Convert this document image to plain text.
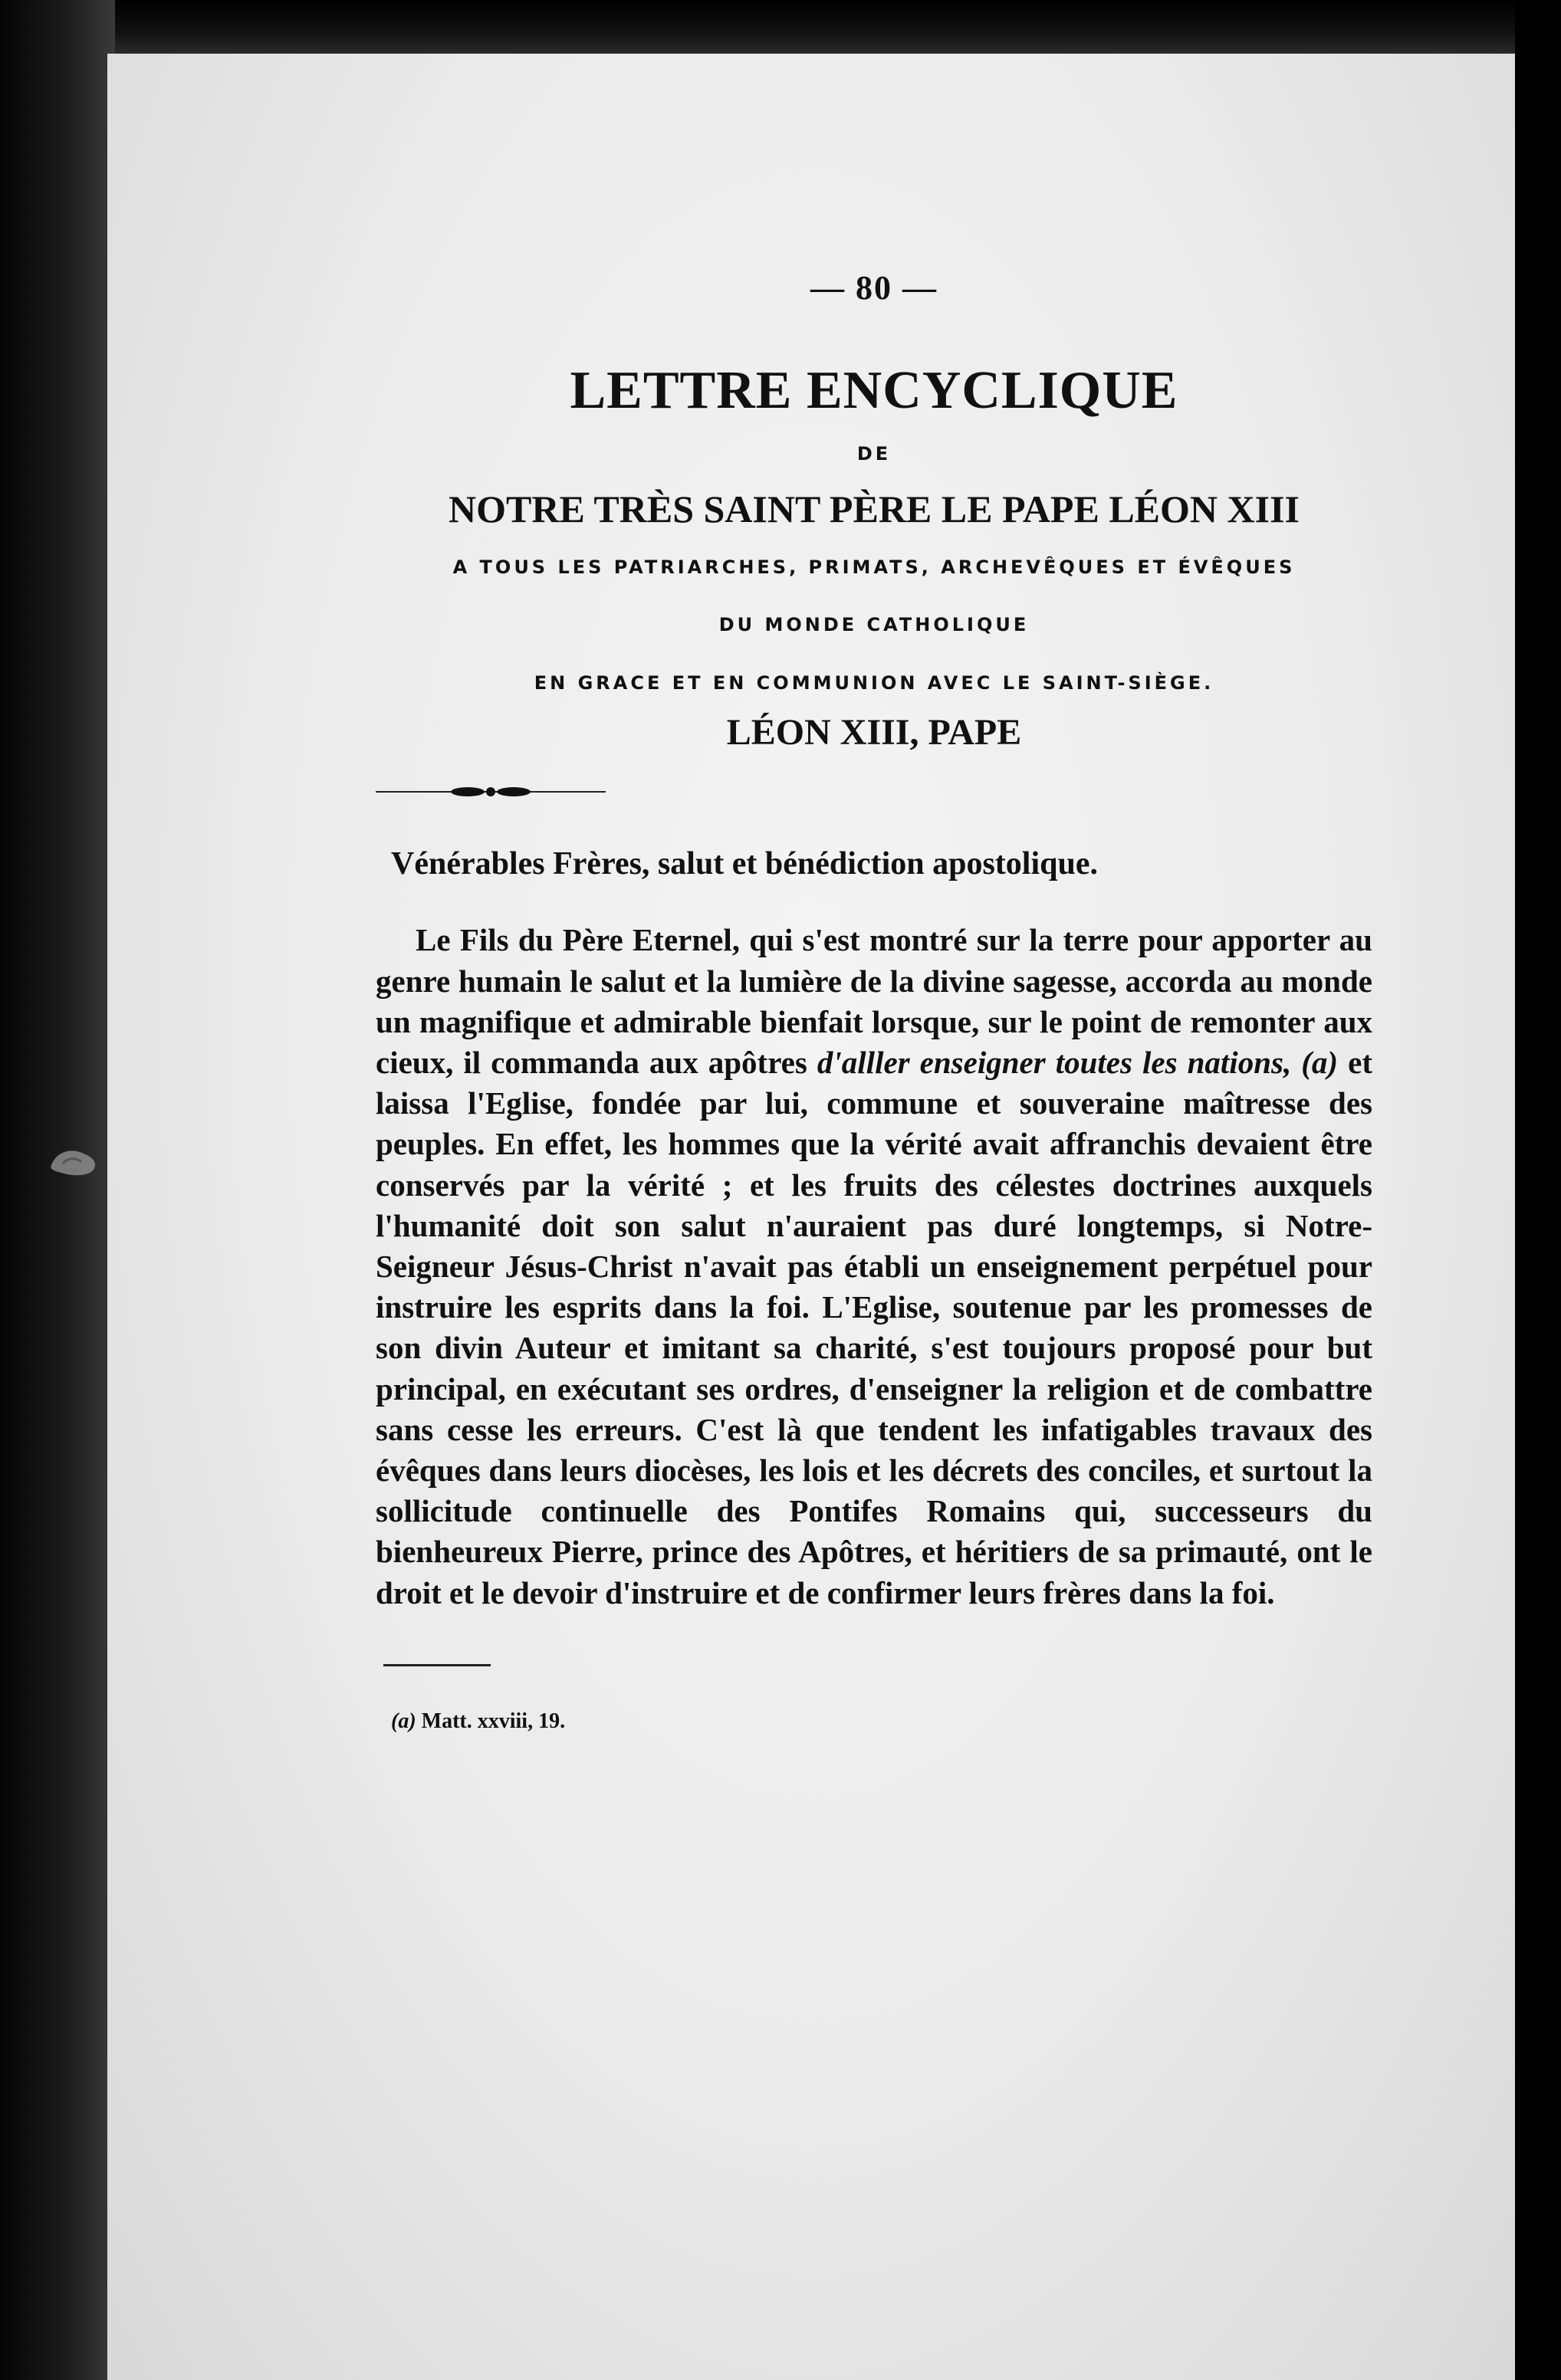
— 80 —
LETTRE ENCYCLIQUE
DE
NOTRE TRÈS SAINT PÈRE LE PAPE LÉON XIII
A TOUS LES PATRIARCHES, PRIMATS, ARCHEVÊQUES ET ÉVÊQUES
DU MONDE CATHOLIQUE
EN GRACE ET EN COMMUNION AVEC LE SAINT-SIÈGE.
LÉON XIII, PAPE

Vénérables Frères, salut et bénédiction apostolique.

Le Fils du Père Eternel, qui s'est montré sur la terre pour apporter au genre humain le salut et la lumière de la divine sagesse, accorda au monde un magnifique et admirable bienfait lorsque, sur le point de remonter aux cieux, il commanda aux apôtres d'alller enseigner toutes les nations, (a) et laissa l'Eglise, fondée par lui, commune et souveraine maîtresse des peuples. En effet, les hommes que la vérité avait affranchis devaient être conservés par la vérité ; et les fruits des célestes doctrines auxquels l'humanité doit son salut n'auraient pas duré longtemps, si Notre-Seigneur Jésus-Christ n'avait pas établi un enseignement perpétuel pour instruire les esprits dans la foi. L'Eglise, soutenue par les promesses de son divin Auteur et imitant sa charité, s'est toujours proposé pour but principal, en exécutant ses ordres, d'enseigner la religion et de combattre sans cesse les erreurs. C'est là que tendent les infatigables travaux des évêques dans leurs diocèses, les lois et les décrets des conciles, et surtout la sollicitude continuelle des Pontifes Romains qui, successeurs du bienheureux Pierre, prince des Apôtres, et héritiers de sa primauté, ont le droit et le devoir d'instruire et de confirmer leurs frères dans la foi.

(a) Matt. xxviii, 19.
